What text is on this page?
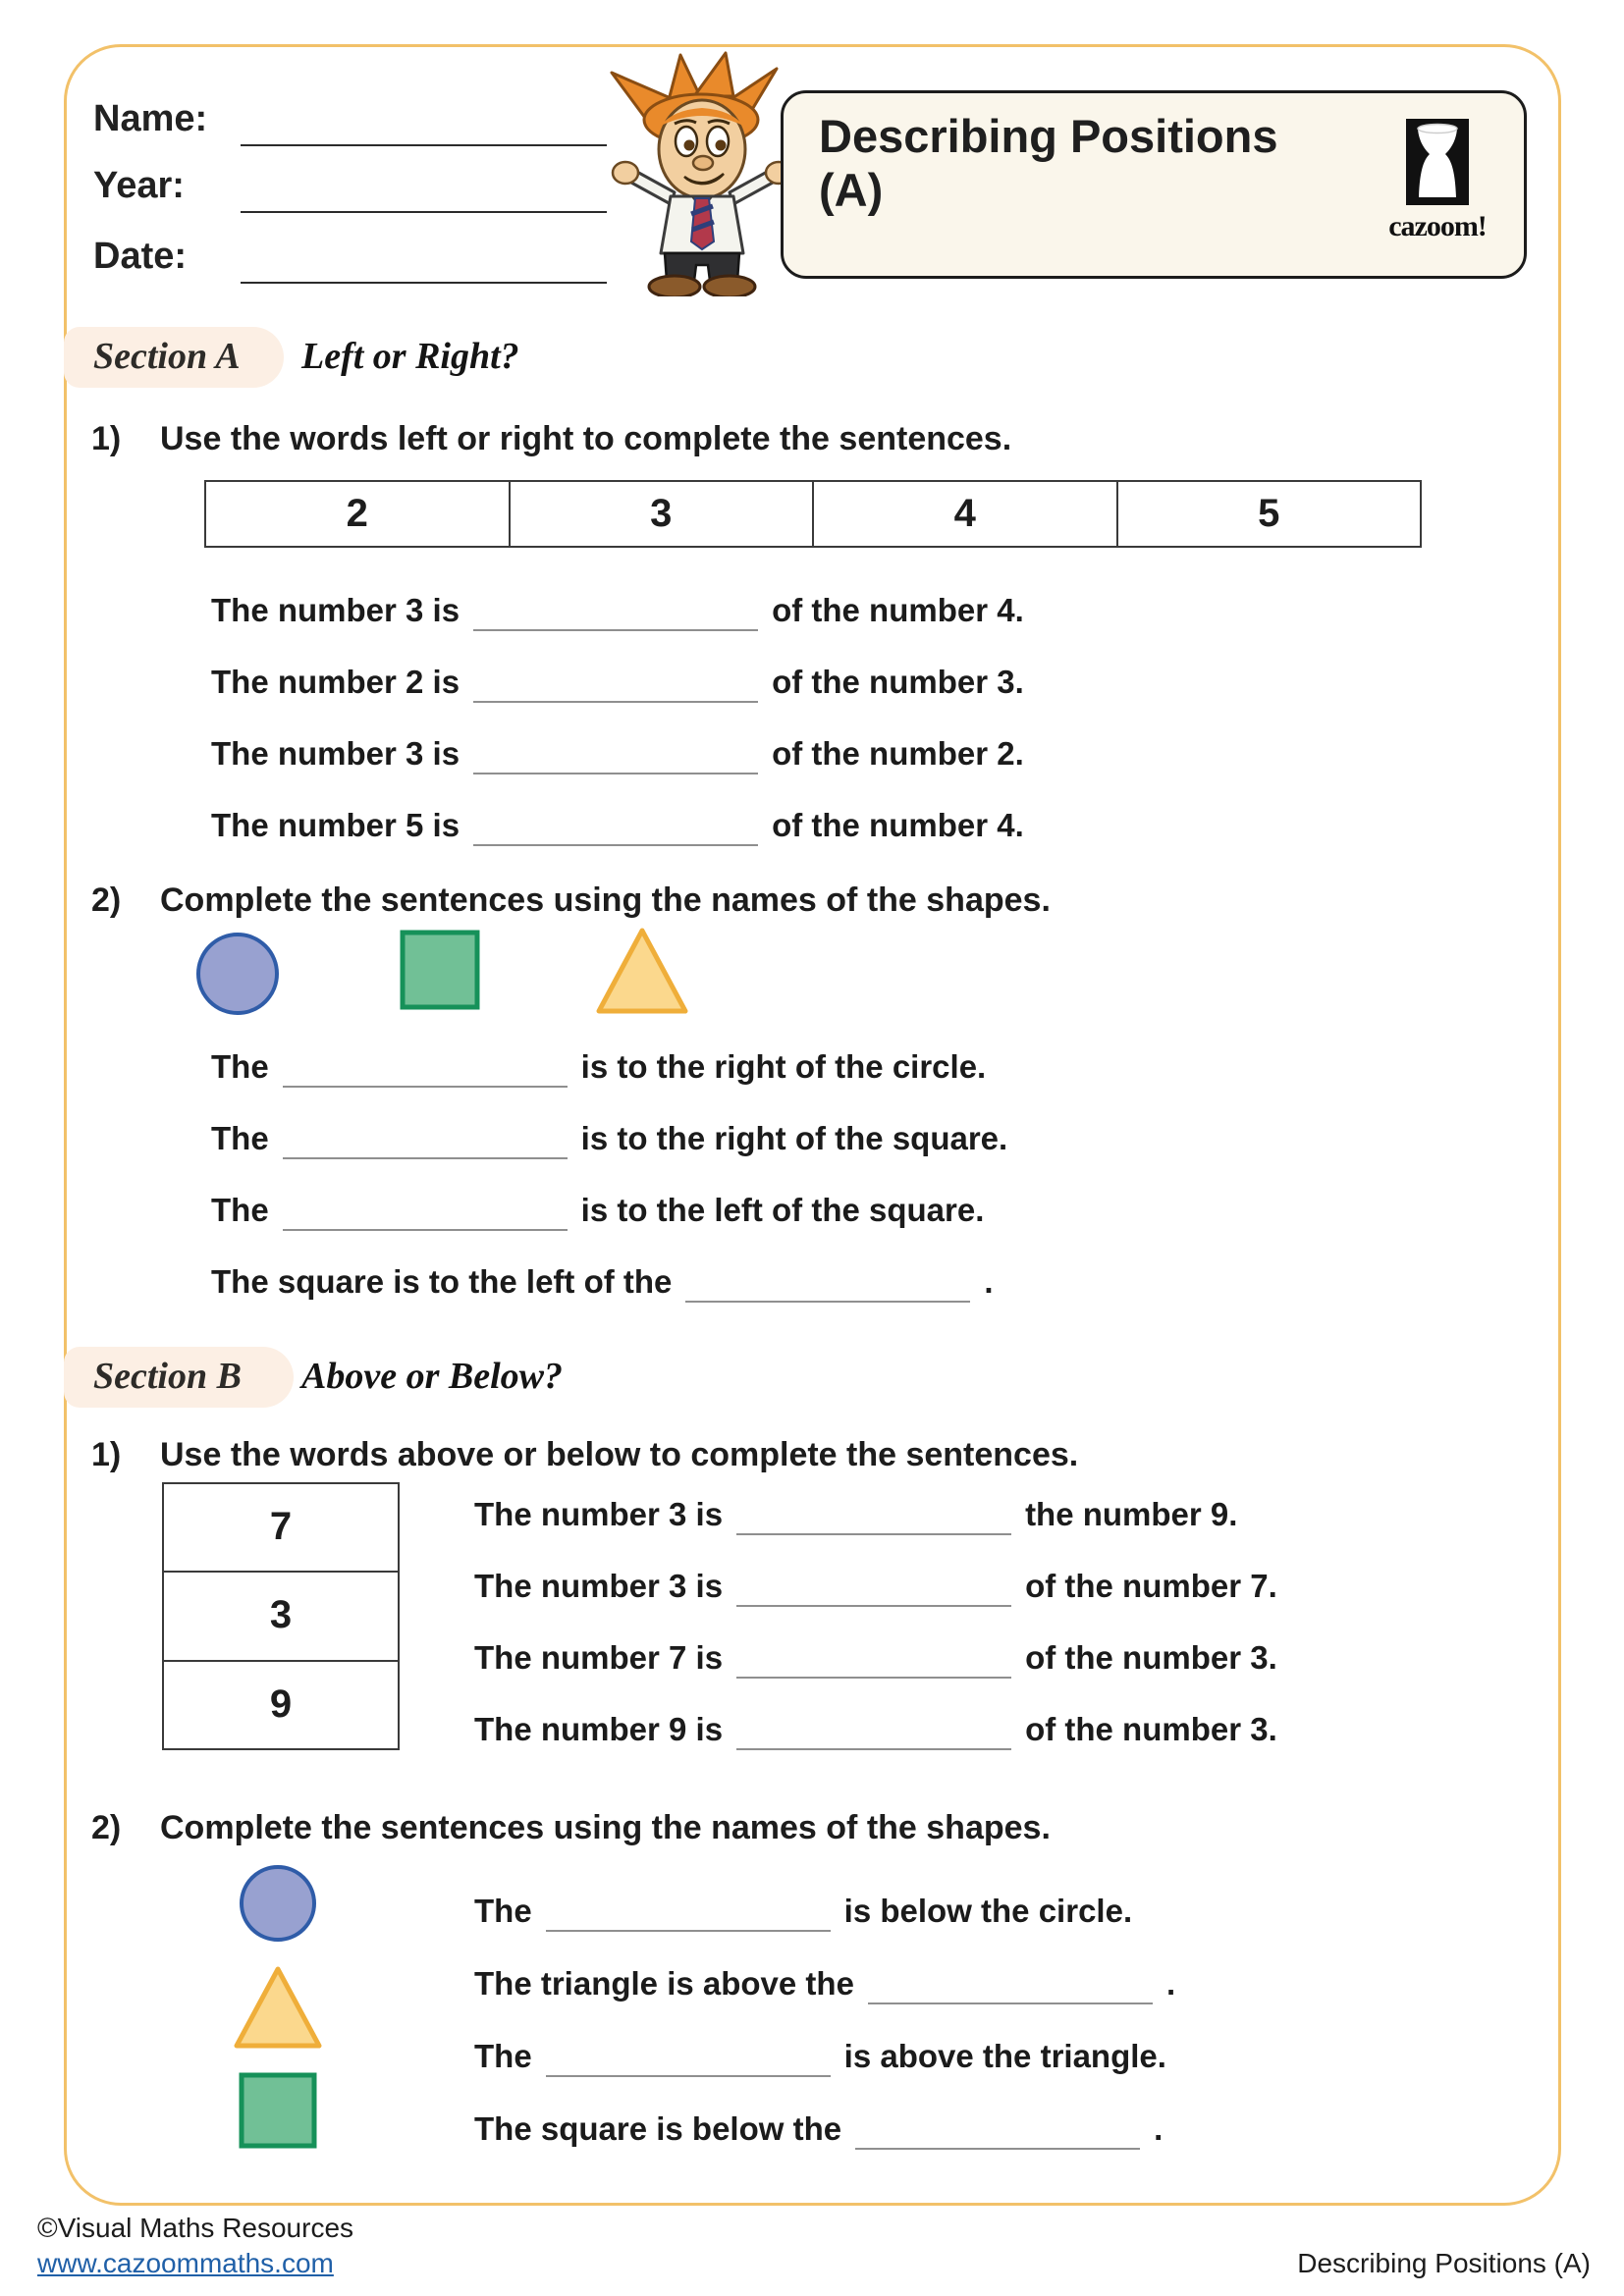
Name:
Year:
Date:
Describing Positions
(A)
cazoom!
Section A Left or Right?
1) Use the words left or right to complete the sentences.
2	3	4	5
The number 3 is	of the number 4.
The number 2 is	of the number 3.
The number 3 is	of the number 2.
The number 5 is	of the number 4.
2) Complete the sentences using the names of the shapes.
The	is to the right of the circle.
The	is to the right of the square.
The	is to the left of the square.
The square is to the left of the	.
Section B Above or Below?
1) Use the words above or below to complete the sentences.
7
3
9
The number 3 is	the number 9.
The number 3 is	of the number 7.
The number 7 is	of the number 3.
The number 9 is	of the number 3.
2) Complete the sentences using the names of the shapes.
The	is below the circle.
The triangle is above the	.
The	is above the triangle.
The square is below the	.
©Visual Maths Resources
www.cazoommaths.com	Describing Positions (A)
